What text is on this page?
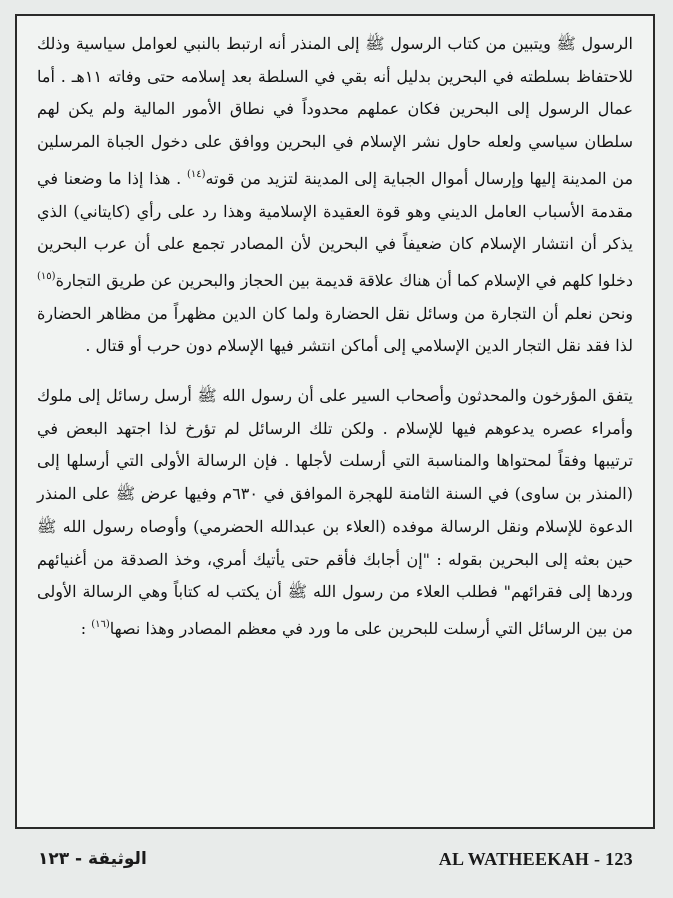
الرسول ﷺ ويتبين من كتاب الرسول ﷺ إلى المنذر أنه ارتبط بالنبي لعوامل سياسية وذلك للاحتفاظ بسلطته في البحرين بدليل أنه بقي في السلطة بعد إسلامه حتى وفاته ١١هـ . أما عمال الرسول إلى البحرين فكان عملهم محدوداً في نطاق الأمور المالية ولم يكن لهم سلطان سياسي ولعله حاول نشر الإسلام في البحرين ووافق على دخول الجباة المرسلين من المدينة إليها وإرسال أموال الجباية إلى المدينة لتزيد من قوته$^{(١٤)}$ . هذا إذا ما وضعنا في مقدمة الأسباب العامل الديني وهو قوة العقيدة الإسلامية وهذا رد على رأي (كايتاني) الذي يذكر أن انتشار الإسلام كان ضعيفاً في البحرين لأن المصادر تجمع على أن عرب البحرين دخلوا كلهم في الإسلام كما أن هناك علاقة قديمة بين الحجاز والبحرين عن طريق التجارة$^{(١٥)}$ ونحن نعلم أن التجارة من وسائل نقل الحضارة ولما كان الدين مظهراً من مظاهر الحضارة لذا فقد نقل التجار الدين الإسلامي إلى أماكن انتشر فيها الإسلام دون حرب أو قتال .

يتفق المؤرخون والمحدثون وأصحاب السير على أن رسول الله ﷺ أرسل رسائل إلى ملوك وأمراء عصره يدعوهم فيها للإسلام . ولكن تلك الرسائل لم تؤرخ لذا اجتهد البعض في ترتيبها وفقاً لمحتواها والمناسبة التي أرسلت لأجلها . فإن الرسالة الأولى التي أرسلها إلى (المنذر بن ساوى) في السنة الثامنة للهجرة الموافق في ٦٣٠م وفيها عرض ﷺ على المنذر الدعوة للإسلام ونقل الرسالة موفده (العلاء بن عبدالله الحضرمي) وأوصاه رسول الله ﷺ حين بعثه إلى البحرين بقوله : "إن أجابك فأقم حتى يأتيك أمري، وخذ الصدقة من أغنيائهم وردها إلى فقرائهم" فطلب العلاء من رسول الله ﷺ أن يكتب له كتاباً وهي الرسالة الأولى من بين الرسائل التي أرسلت للبحرين على ما ورد في معظم المصادر وهذا نصها$^{(١٦)}$ :

الوثيقة - ١٢٣	AL WATHEEKAH - 123
